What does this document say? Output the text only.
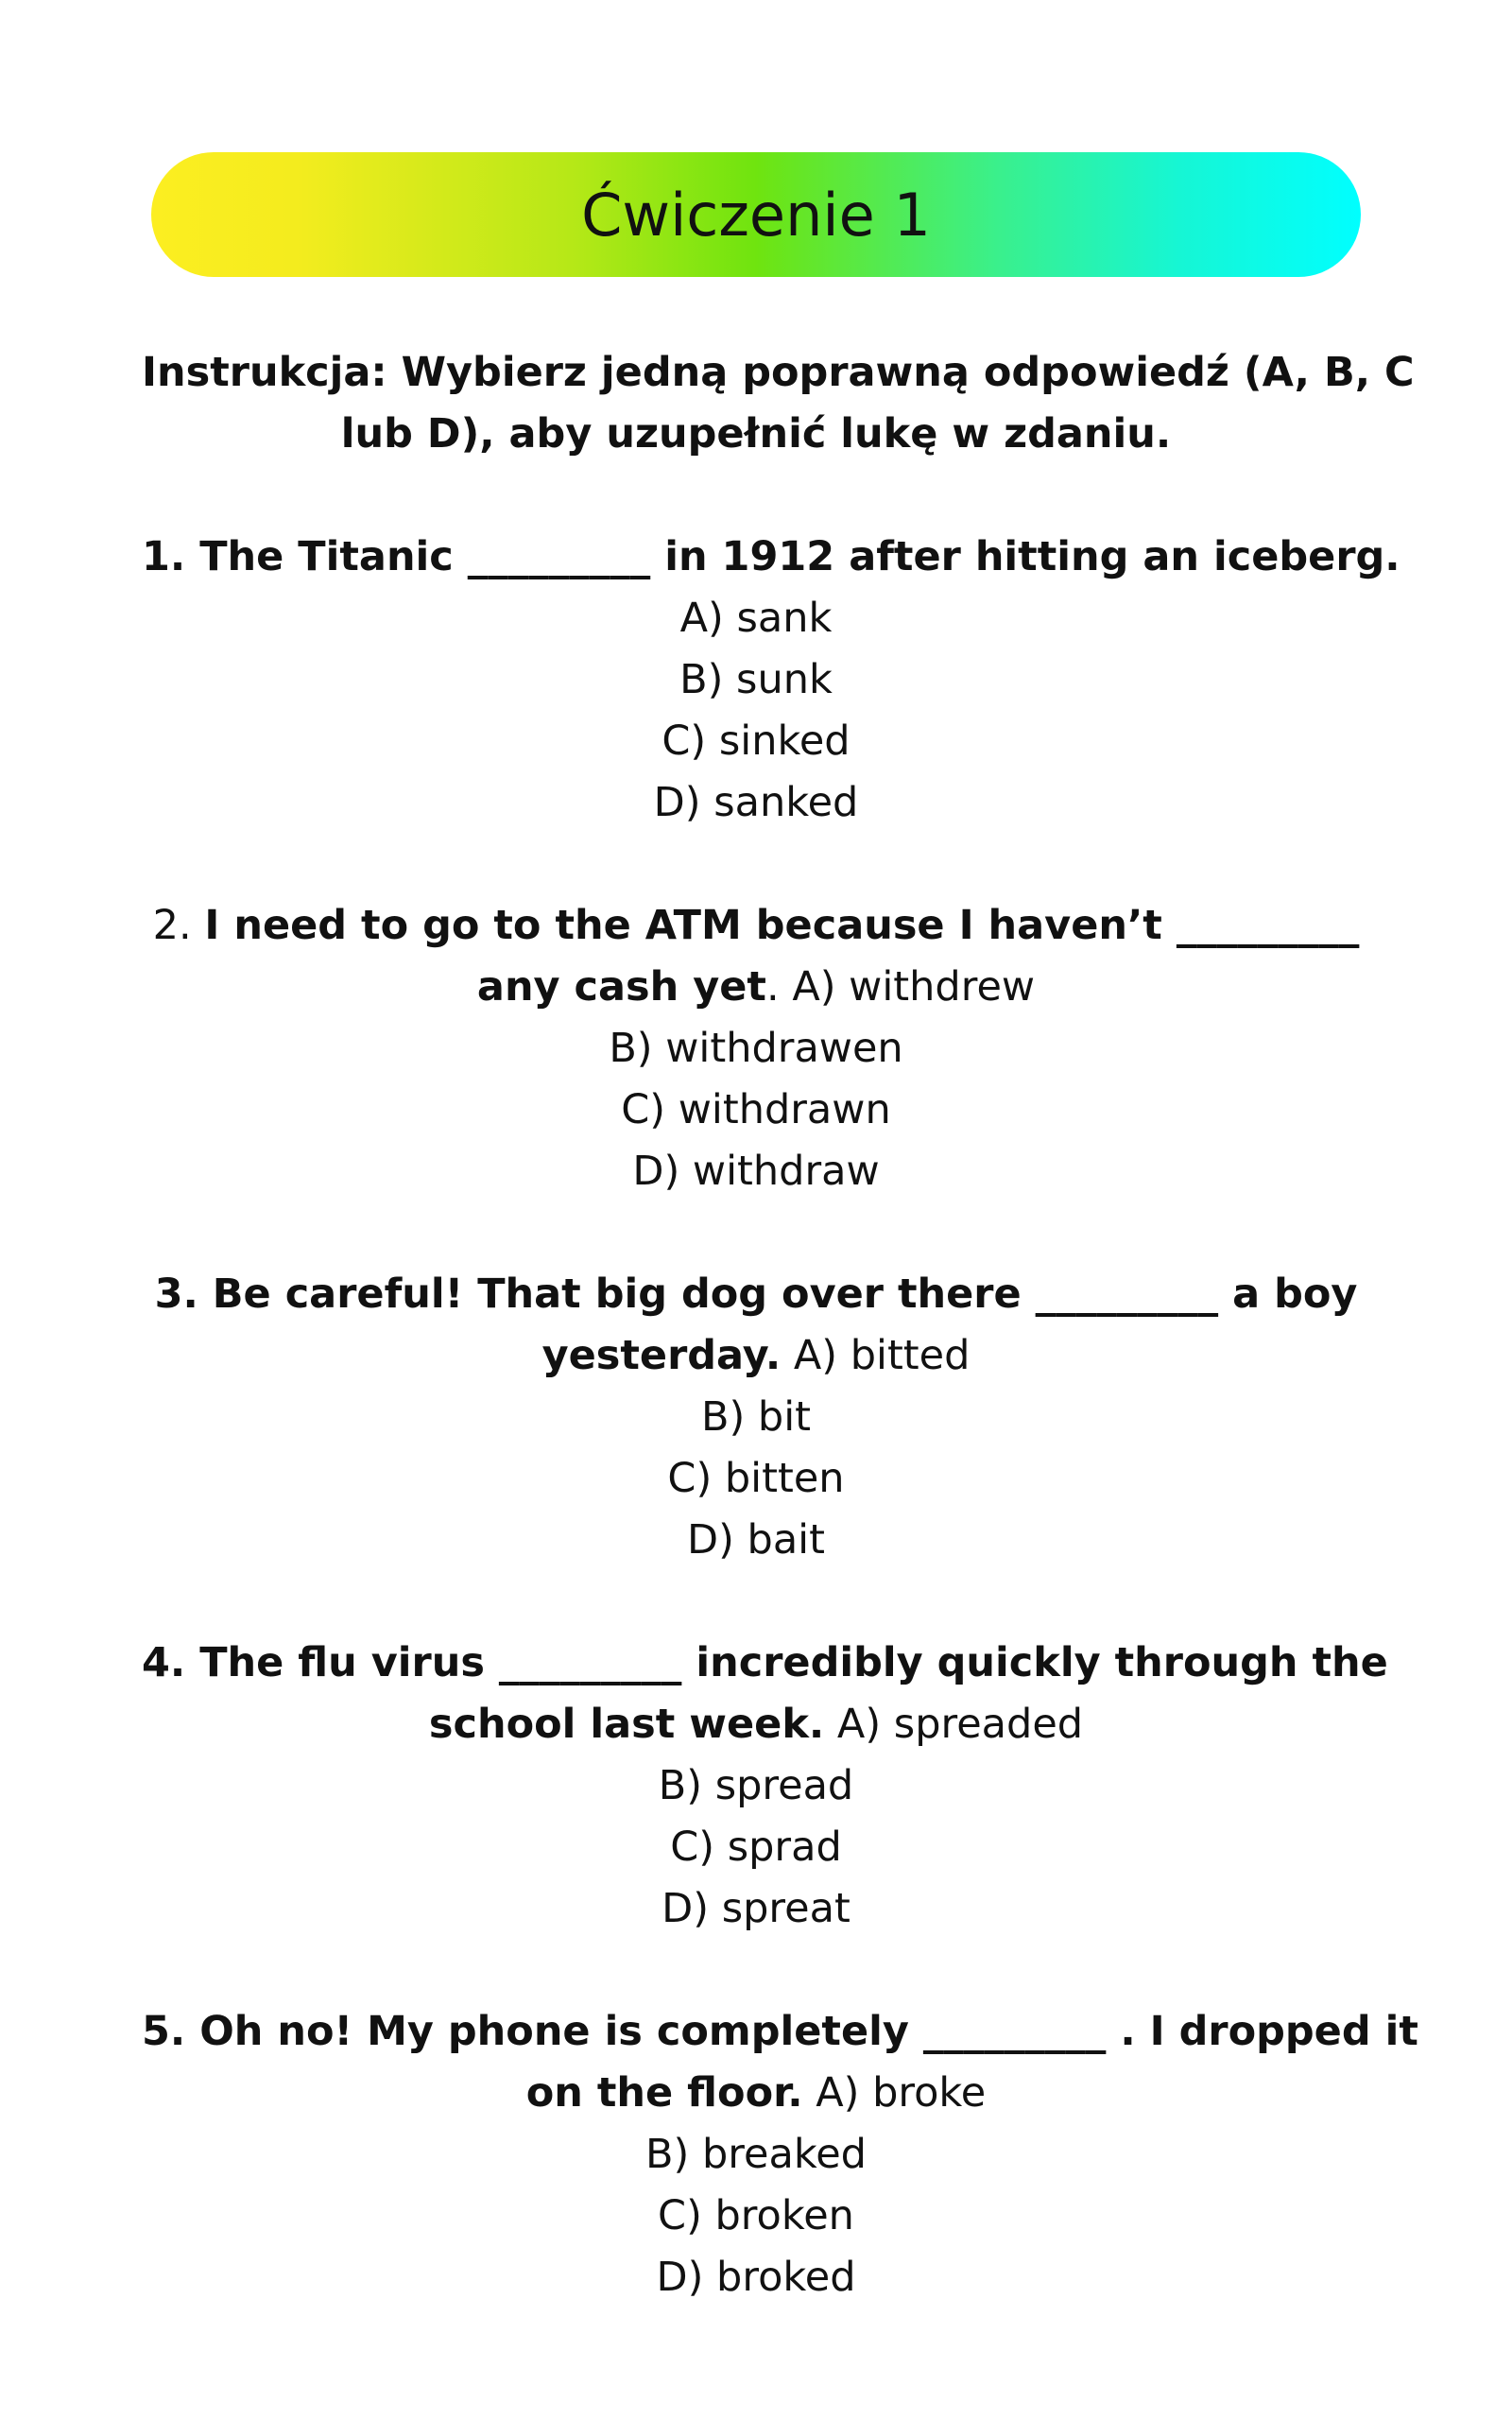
Ćwiczenie 1
Instrukcja: Wybierz jedną poprawną odpowiedź (A, B, C
lub D), aby uzupełnić lukę w zdaniu.
1. The Titanic _________ in 1912 after hitting an iceberg.
A) sank
B) sunk
C) sinked
D) sanked
2. I need to go to the ATM because I haven’t _________
any cash yet. A) withdrew
B) withdrawen
C) withdrawn
D) withdraw
3. Be careful! That big dog over there _________ a boy
yesterday. A) bitted
B) bit
C) bitten
D) bait
4. The flu virus _________ incredibly quickly through the
school last week. A) spreaded
B) spread
C) sprad
D) spreat
5. Oh no! My phone is completely _________ . I dropped it
on the floor. A) broke
B) breaked
C) broken
D) broked
